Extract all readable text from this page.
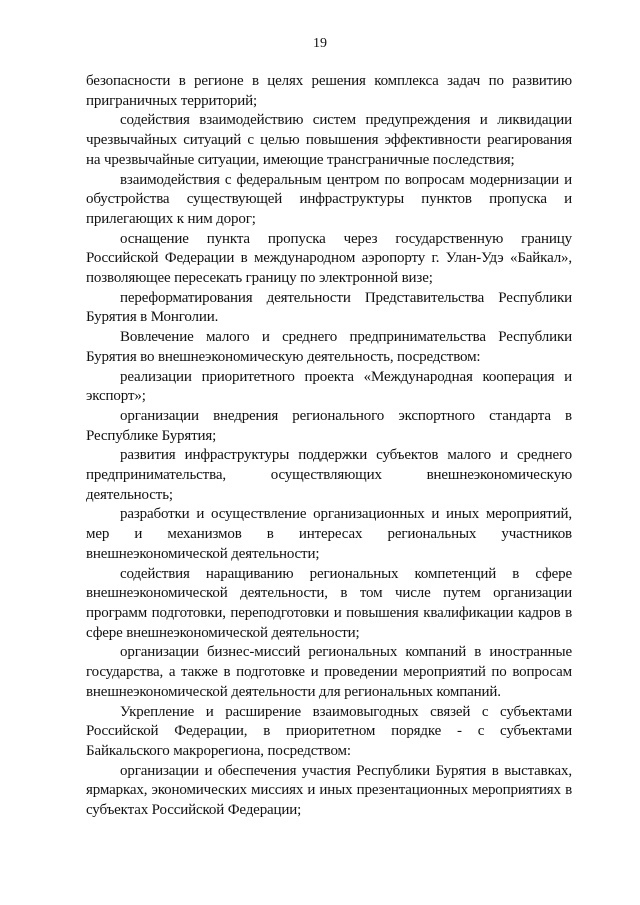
19

безопасности в регионе в целях решения комплекса задач по развитию приграничных территорий;

содействия взаимодействию систем предупреждения и ликвидации чрезвычайных ситуаций с целью повышения эффективности реагирования на чрезвычайные ситуации, имеющие трансграничные последствия;

взаимодействия с федеральным центром по вопросам модернизации и обустройства существующей инфраструктуры пунктов пропуска и прилегающих к ним дорог;

оснащение пункта пропуска через государственную границу Российской Федерации в международном аэропорту г. Улан-Удэ «Байкал», позволяющее пересекать границу по электронной визе;

переформатирования деятельности Представительства Республики Бурятия в Монголии.

Вовлечение малого и среднего предпринимательства Республики Бурятия во внешнеэкономическую деятельность, посредством:

реализации приоритетного проекта «Международная кооперация и экспорт»;

организации внедрения регионального экспортного стандарта в Республике Бурятия;

развития инфраструктуры поддержки субъектов малого и среднего предпринимательства, осуществляющих внешнеэкономическую деятельность;

разработки и осуществление организационных и иных мероприятий, мер и механизмов в интересах региональных участников внешнеэкономической деятельности;

содействия наращиванию региональных компетенций в сфере внешнеэкономической деятельности, в том числе путем организации программ подготовки, переподготовки и повышения квалификации кадров в сфере внешнеэкономической деятельности;

организации бизнес-миссий региональных компаний в иностранные государства, а также в подготовке и проведении мероприятий по вопросам внешнеэкономической деятельности для региональных компаний.

Укрепление и расширение взаимовыгодных связей с субъектами Российской Федерации, в приоритетном порядке - с субъектами Байкальского макрорегиона, посредством:

организации и обеспечения участия Республики Бурятия в выставках, ярмарках, экономических миссиях и иных презентационных мероприятиях в субъектах Российской Федерации;
